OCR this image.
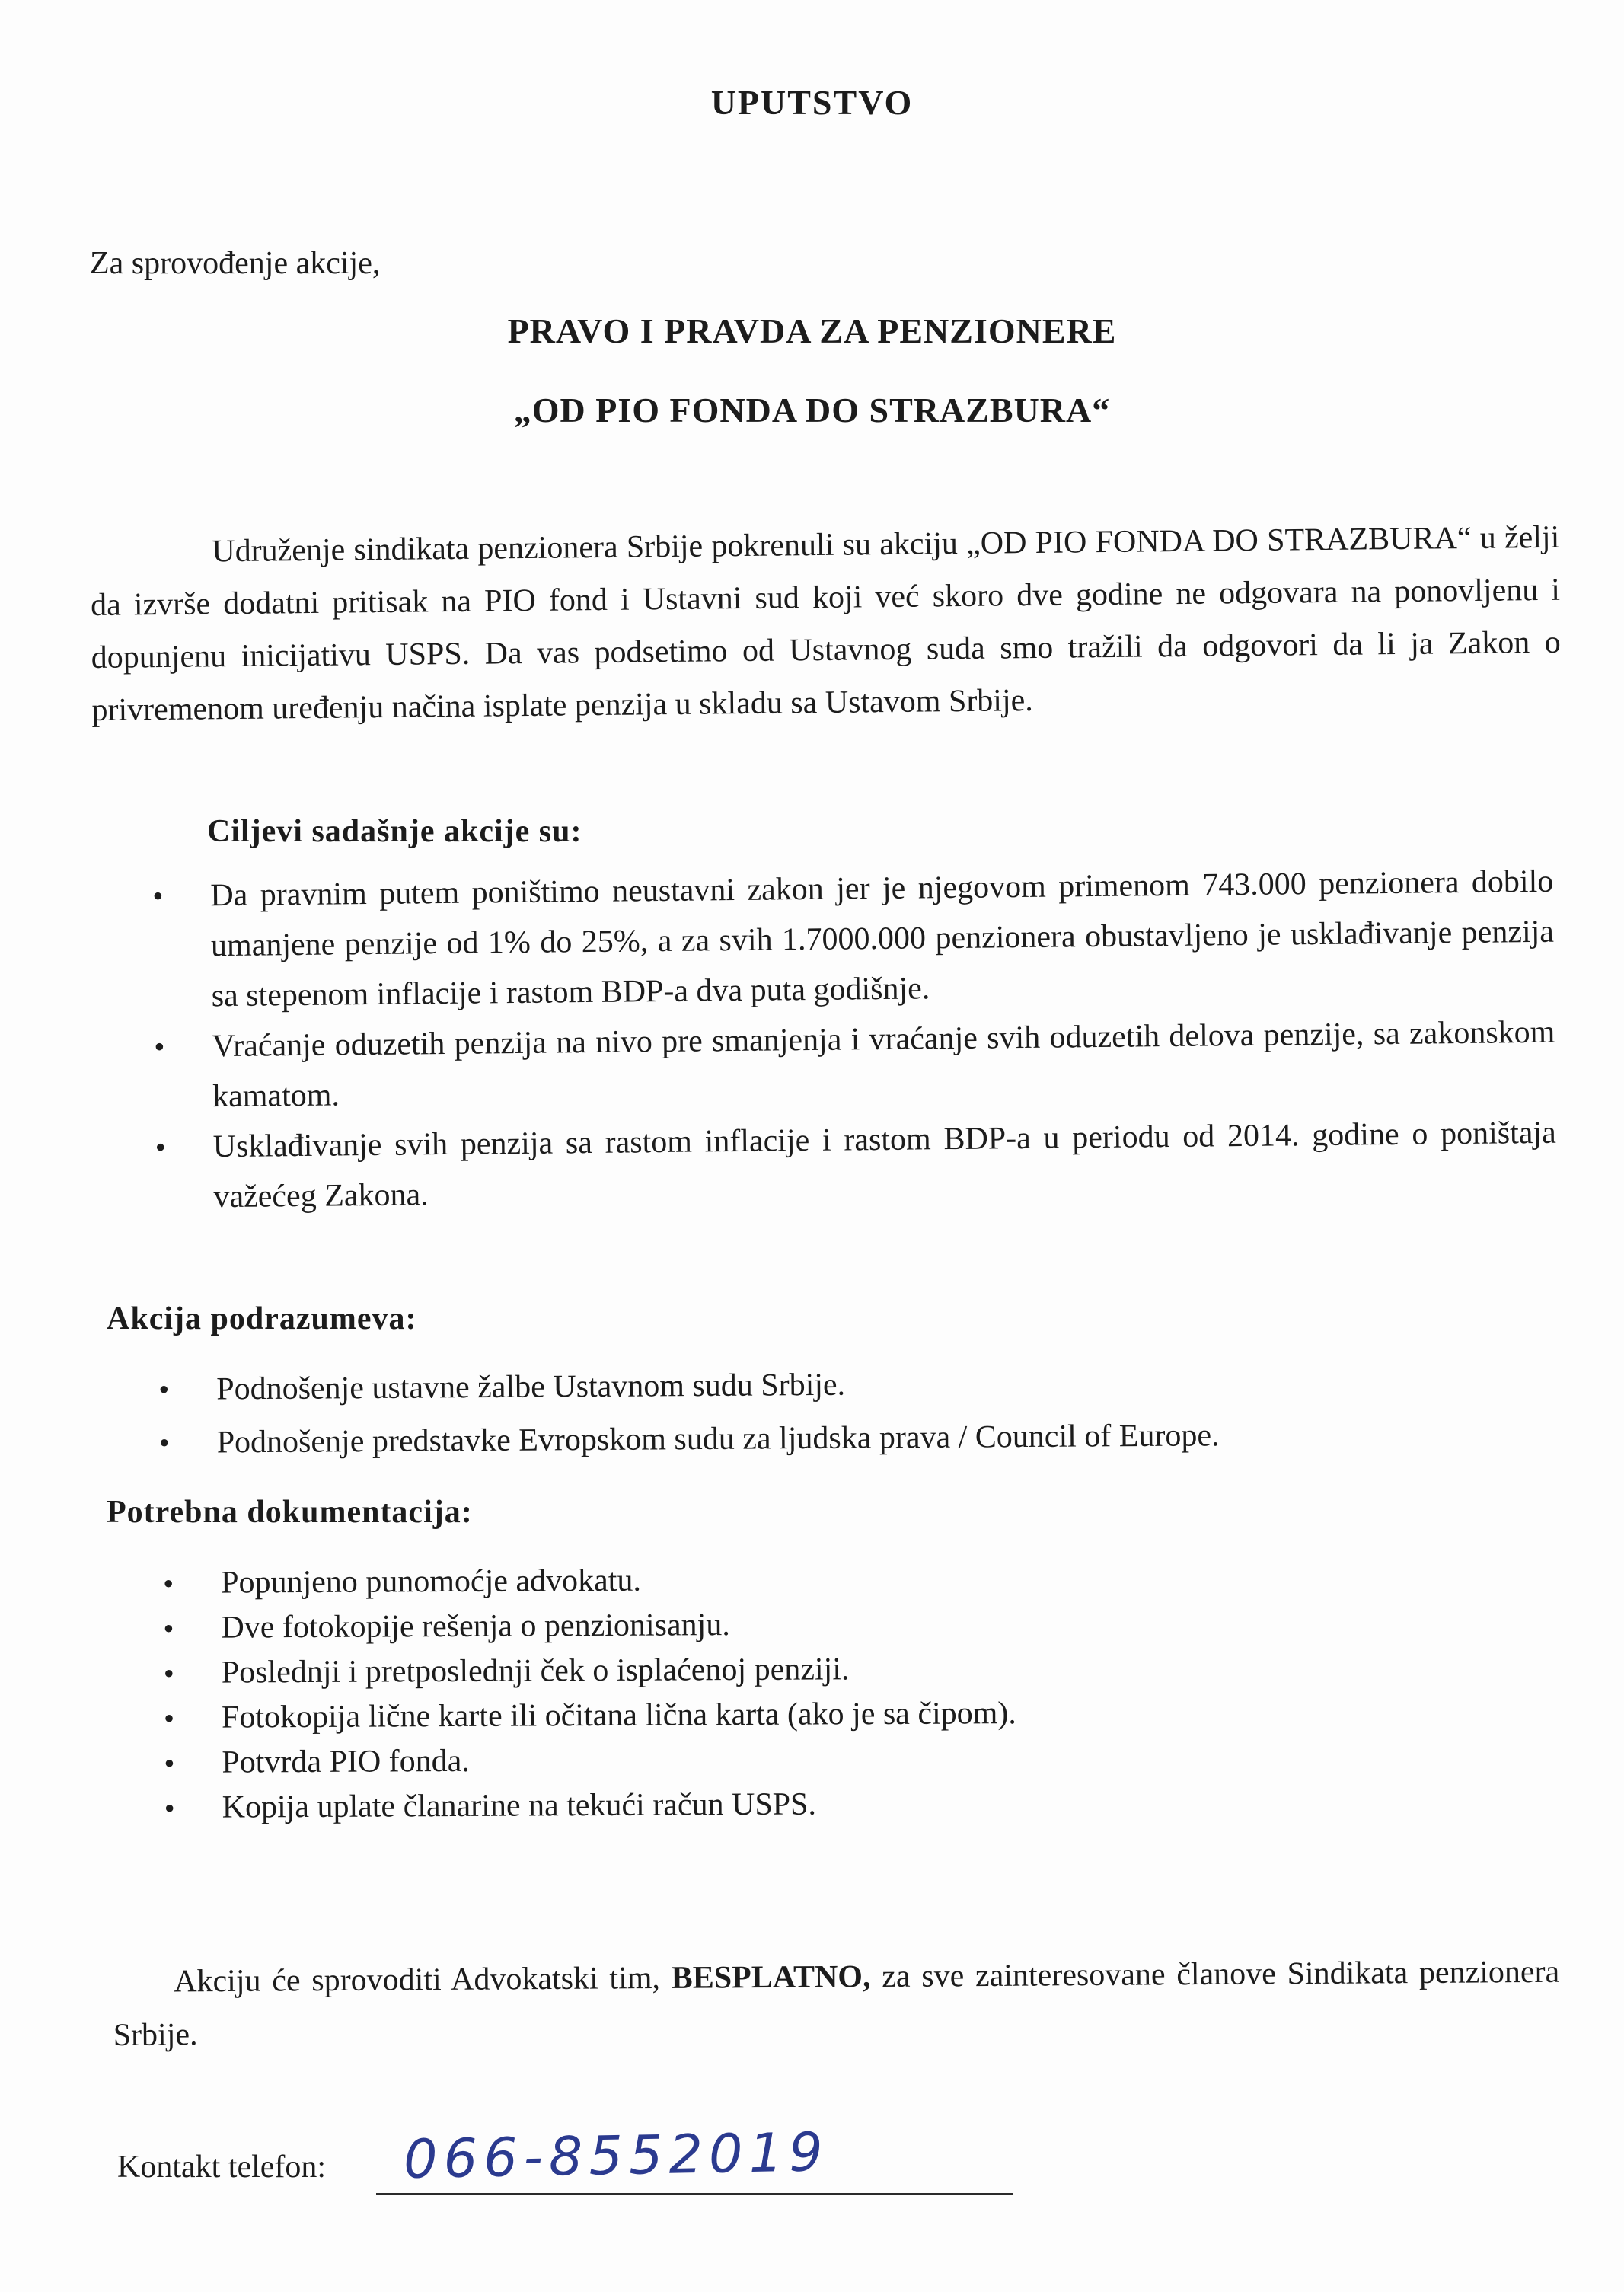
UPUTSTVO
Za sprovođenje akcije,
PRAVO I PRAVDA ZA PENZIONERE
„OD PIO FONDA DO STRAZBURA“
Udruženje sindikata penzionera Srbije pokrenuli su akciju „OD PIO FONDA DO STRAZBURA“ u želji da izvrše dodatni pritisak na PIO fond i Ustavni sud koji već skoro dve godine ne odgovara na ponovljenu i dopunjenu inicijativu USPS. Da vas podsetimo od Ustavnog suda smo tražili da odgovori da li ja Zakon o privremenom uređenju načina isplate penzija u skladu sa Ustavom Srbije.
Ciljevi sadašnje akcije su:
• Da pravnim putem poništimo neustavni zakon jer je njegovom primenom 743.000 penzionera dobilo umanjene penzije od 1% do 25%, a za svih 1.7000.000 penzionera obustavljeno je usklađivanje penzija sa stepenom inflacije i rastom BDP-a dva puta godišnje.
• Vraćanje oduzetih penzija na nivo pre smanjenja i vraćanje svih oduzetih delova penzije, sa zakonskom kamatom.
• Usklađivanje svih penzija sa rastom inflacije i rastom BDP-a u periodu od 2014. godine o poništaja važećeg Zakona.
Akcija podrazumeva:
• Podnošenje ustavne žalbe Ustavnom sudu Srbije.
• Podnošenje predstavke Evropskom sudu za ljudska prava / Council of Europe.
Potrebna dokumentacija:
• Popunjeno punomoćje advokatu.
• Dve fotokopije rešenja o penzionisanju.
• Poslednji i pretposlednji ček o isplaćenoj penziji.
• Fotokopija lične karte ili očitana lična karta (ako je sa čipom).
• Potvrda PIO fonda.
• Kopija uplate članarine na tekući račun USPS.
Akciju će sprovoditi Advokatski tim, BESPLATNO, za sve zainteresovane članove Sindikata penzionera Srbije.
Kontakt telefon: 066-8552019
